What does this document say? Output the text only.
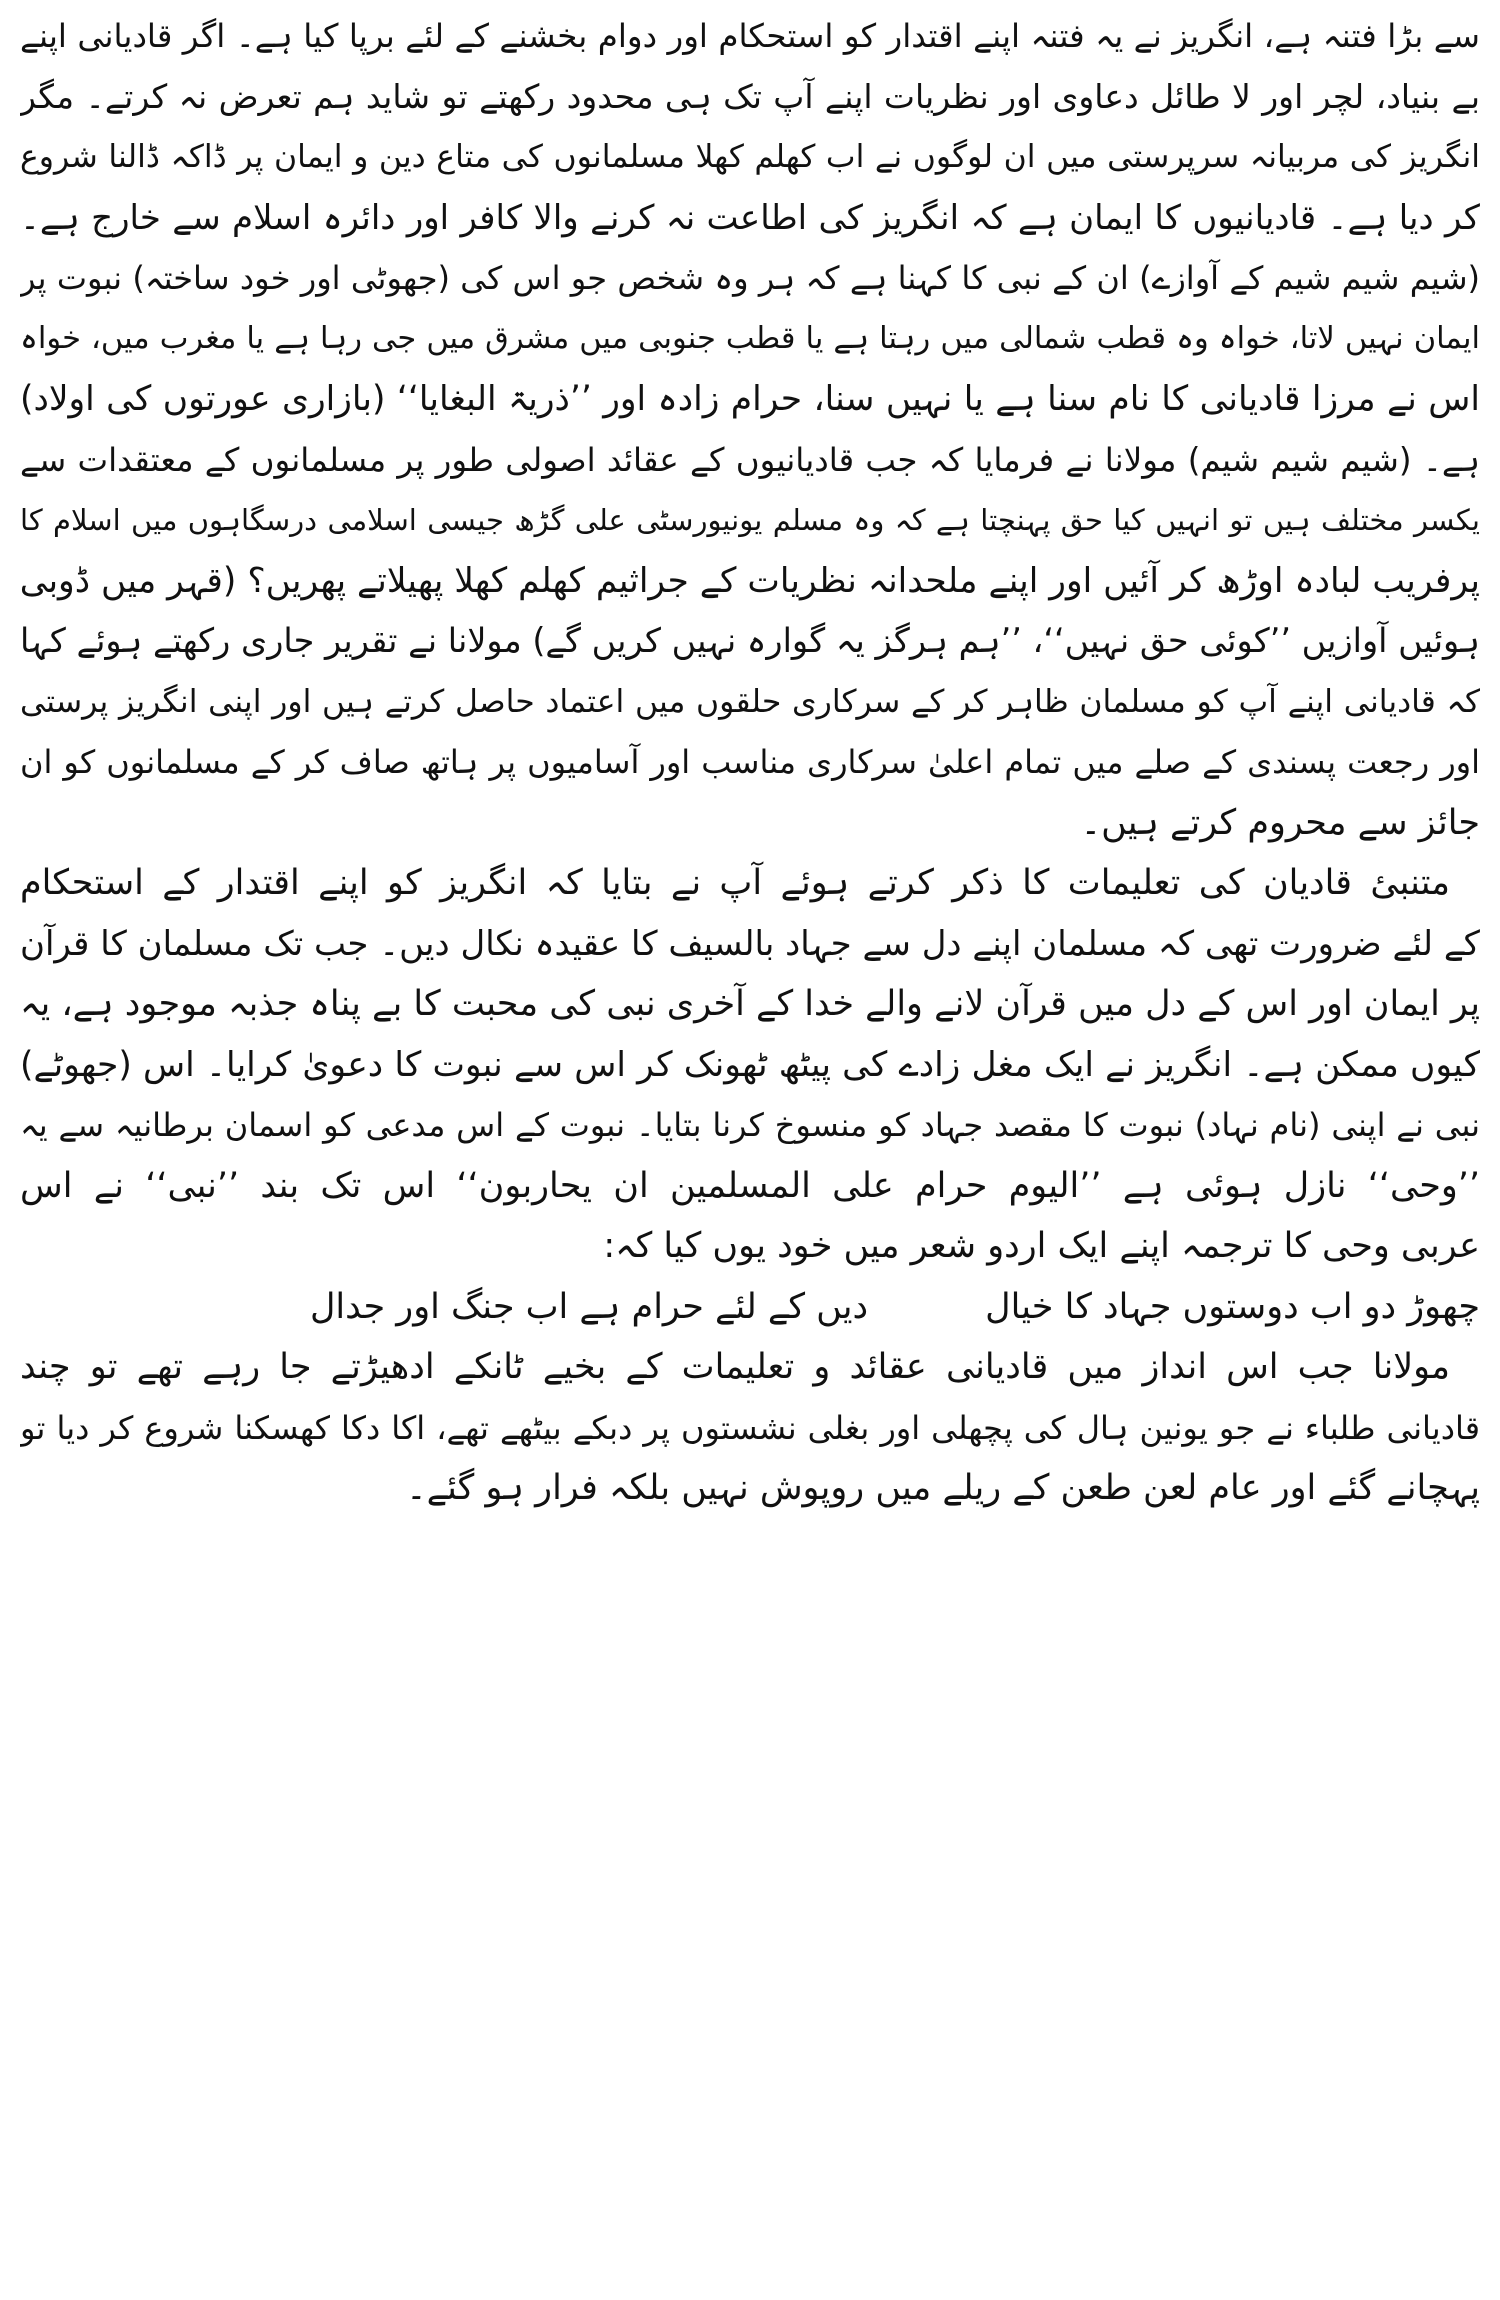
سے بڑا فتنہ ہے، انگریز نے یہ فتنہ اپنے اقتدار کو استحکام اور دوام بخشنے کے لئے برپا کیا ہے۔ اگر قادیانی اپنے
بے بنیاد، لچر اور لا طائل دعاوی اور نظریات اپنے آپ تک ہی محدود رکھتے تو شاید ہم تعرض نہ کرتے۔ مگر
انگریز کی مربیانہ سرپرستی میں ان لوگوں نے اب کھلم کھلا مسلمانوں کی متاع دین و ایمان پر ڈاکہ ڈالنا شروع
کر دیا ہے۔ قادیانیوں کا ایمان ہے کہ انگریز کی اطاعت نہ کرنے والا کافر اور دائرہ اسلام سے خارج ہے۔
(شیم شیم شیم کے آوازے) ان کے نبی کا کہنا ہے کہ ہر وہ شخص جو اس کی (جھوٹی اور خود ساختہ) نبوت پر
ایمان نہیں لاتا، خواہ وہ قطب شمالی میں رہتا ہے یا قطب جنوبی میں مشرق میں جی رہا ہے یا مغرب میں، خواہ
اس نے مرزا قادیانی کا نام سنا ہے یا نہیں سنا، حرام زادہ اور ’’ذریۃ البغایا‘‘ (بازاری عورتوں کی اولاد)
ہے۔ (شیم شیم شیم) مولانا نے فرمایا کہ جب قادیانیوں کے عقائد اصولی طور پر مسلمانوں کے معتقدات سے
یکسر مختلف ہیں تو انہیں کیا حق پہنچتا ہے کہ وہ مسلم یونیورسٹی علی گڑھ جیسی اسلامی درسگاہوں میں اسلام کا
پرفریب لبادہ اوڑھ کر آئیں اور اپنے ملحدانہ نظریات کے جراثیم کھلم کھلا پھیلاتے پھریں؟ (قہر میں ڈوبی
ہوئیں آوازیں ’’کوئی حق نہیں‘‘، ’’ہم ہرگز یہ گوارہ نہیں کریں گے) مولانا نے تقریر جاری رکھتے ہوئے کہا
کہ قادیانی اپنے آپ کو مسلمان ظاہر کر کے سرکاری حلقوں میں اعتماد حاصل کرتے ہیں اور اپنی انگریز پرستی
اور رجعت پسندی کے صلے میں تمام اعلیٰ سرکاری مناسب اور آسامیوں پر ہاتھ صاف کر کے مسلمانوں کو ان
جائز سے محروم کرتے ہیں۔
متنبیٔ قادیان کی تعلیمات کا ذکر کرتے ہوئے آپ نے بتایا کہ انگریز کو اپنے اقتدار کے استحکام
کے لئے ضرورت تھی کہ مسلمان اپنے دل سے جہاد بالسیف کا عقیدہ نکال دیں۔ جب تک مسلمان کا قرآن
پر ایمان اور اس کے دل میں قرآن لانے والے خدا کے آخری نبی کی محبت کا بے پناہ جذبہ موجود ہے، یہ
کیوں ممکن ہے۔ انگریز نے ایک مغل زادے کی پیٹھ ٹھونک کر اس سے نبوت کا دعویٰ کرایا۔ اس (جھوٹے)
نبی نے اپنی (نام نہاد) نبوت کا مقصد جہاد کو منسوخ کرنا بتایا۔ نبوت کے اس مدعی کو اسمان برطانیہ سے یہ
’’وحی‘‘ نازل ہوئی ہے ’’الیوم حرام علی المسلمین ان یحاربون‘‘ اس تک بند ’’نبی‘‘ نے اس
عربی وحی کا ترجمہ اپنے ایک اردو شعر میں خود یوں کیا کہ:
چھوڑ دو اب دوستوں جہاد کا خیال
دیں کے لئے حرام ہے اب جنگ اور جدال
مولانا جب اس انداز میں قادیانی عقائد و تعلیمات کے بخیے ٹانکے ادھیڑتے جا رہے تھے تو چند
قادیانی طلباء نے جو یونین ہال کی پچھلی اور بغلی نشستوں پر دبکے بیٹھے تھے، اکا دکا کھسکنا شروع کر دیا تو
پہچانے گئے اور عام لعن طعن کے ریلے میں روپوش نہیں بلکہ فرار ہو گئے۔
